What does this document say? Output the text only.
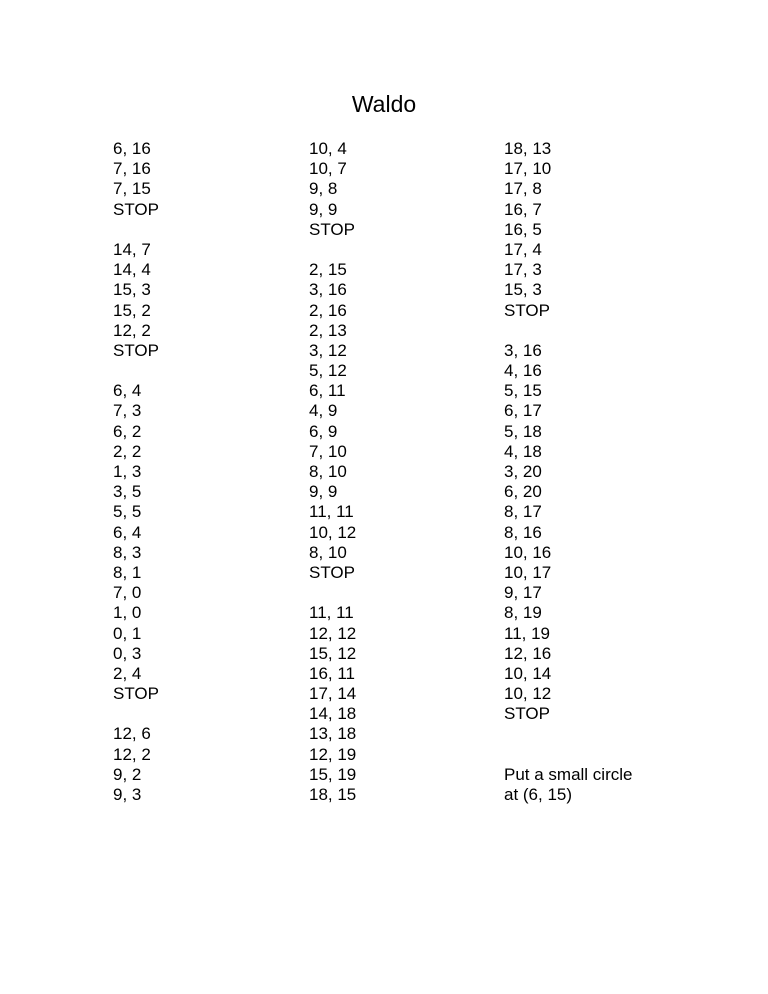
Waldo
6, 16
7, 16
7, 15
STOP
14, 7
14, 4
15, 3
15, 2
12, 2
STOP
6, 4
7, 3
6, 2
2, 2
1, 3
3, 5
5, 5
6, 4
8, 3
8, 1
7, 0
1, 0
0, 1
0, 3
2, 4
STOP
12, 6
12, 2
9, 2
9, 3
10, 4
10, 7
9, 8
9, 9
STOP
2, 15
3, 16
2, 16
2, 13
3, 12
5, 12
6, 11
4, 9
6, 9
7, 10
8, 10
9, 9
11, 11
10, 12
8, 10
STOP
11, 11
12, 12
15, 12
16, 11
17, 14
14, 18
13, 18
12, 19
15, 19
18, 15
18, 13
17, 10
17, 8
16, 7
16, 5
17, 4
17, 3
15, 3
STOP
3, 16
4, 16
5, 15
6, 17
5, 18
4, 18
3, 20
6, 20
8, 17
8, 16
10, 16
10, 17
9, 17
8, 19
11, 19
12, 16
10, 14
10, 12
STOP
Put a small circle
at (6, 15)
